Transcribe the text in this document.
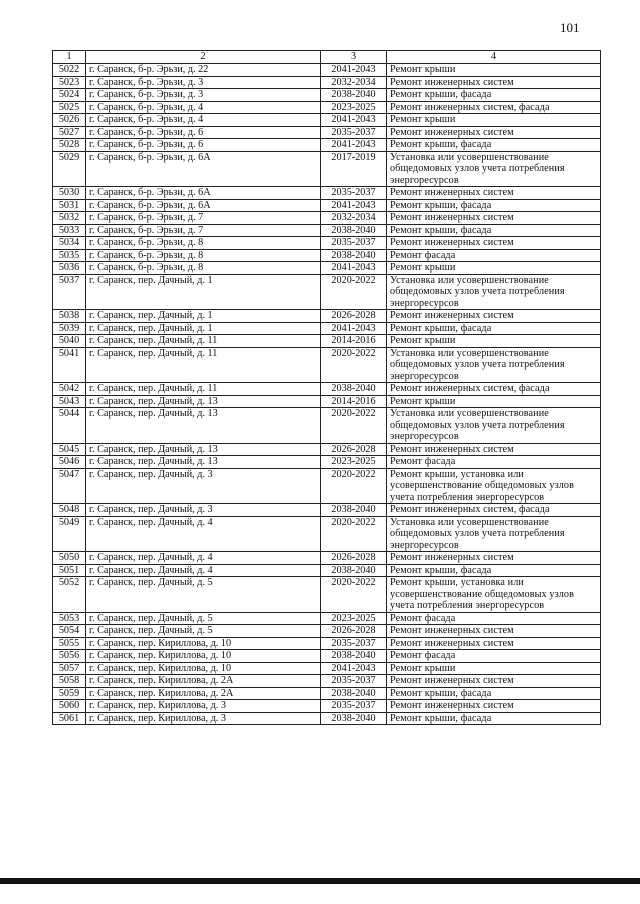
101
1	2	3	4
5022	г. Саранск, б-р. Эрьзи, д. 22	2041-2043	Ремонт крыши
5023	г. Саранск, б-р. Эрьзи, д. 3	2032-2034	Ремонт инженерных систем
5024	г. Саранск, б-р. Эрьзи, д. 3	2038-2040	Ремонт крыши, фасада
5025	г. Саранск, б-р. Эрьзи, д. 4	2023-2025	Ремонт инженерных систем, фасада
5026	г. Саранск, б-р. Эрьзи, д. 4	2041-2043	Ремонт крыши
5027	г. Саранск, б-р. Эрьзи, д. 6	2035-2037	Ремонт инженерных систем
5028	г. Саранск, б-р. Эрьзи, д. 6	2041-2043	Ремонт крыши, фасада
5029	г. Саранск, б-р. Эрьзи, д. 6А	2017-2019	Установка или усовершенствование общедомовых узлов учета потребления энергоресурсов
5030	г. Саранск, б-р. Эрьзи, д. 6А	2035-2037	Ремонт инженерных систем
5031	г. Саранск, б-р. Эрьзи, д. 6А	2041-2043	Ремонт крыши, фасада
5032	г. Саранск, б-р. Эрьзи, д. 7	2032-2034	Ремонт инженерных систем
5033	г. Саранск, б-р. Эрьзи, д. 7	2038-2040	Ремонт крыши, фасада
5034	г. Саранск, б-р. Эрьзи, д. 8	2035-2037	Ремонт инженерных систем
5035	г. Саранск, б-р. Эрьзи, д. 8	2038-2040	Ремонт фасада
5036	г. Саранск, б-р. Эрьзи, д. 8	2041-2043	Ремонт крыши
5037	г. Саранск, пер. Дачный, д. 1	2020-2022	Установка или усовершенствование общедомовых узлов учета потребления энергоресурсов
5038	г. Саранск, пер. Дачный, д. 1	2026-2028	Ремонт инженерных систем
5039	г. Саранск, пер. Дачный, д. 1	2041-2043	Ремонт крыши, фасада
5040	г. Саранск, пер. Дачный, д. 11	2014-2016	Ремонт крыши
5041	г. Саранск, пер. Дачный, д. 11	2020-2022	Установка или усовершенствование общедомовых узлов учета потребления энергоресурсов
5042	г. Саранск, пер. Дачный, д. 11	2038-2040	Ремонт инженерных систем, фасада
5043	г. Саранск, пер. Дачный, д. 13	2014-2016	Ремонт крыши
5044	г. Саранск, пер. Дачный, д. 13	2020-2022	Установка или усовершенствование общедомовых узлов учета потребления энергоресурсов
5045	г. Саранск, пер. Дачный, д. 13	2026-2028	Ремонт инженерных систем
5046	г. Саранск, пер. Дачный, д. 13	2023-2025	Ремонт фасада
5047	г. Саранск, пер. Дачный, д. 3	2020-2022	Ремонт крыши, установка или усовершенствование общедомовых узлов учета потребления энергоресурсов
5048	г. Саранск, пер. Дачный, д. 3	2038-2040	Ремонт инженерных систем, фасада
5049	г. Саранск, пер. Дачный, д. 4	2020-2022	Установка или усовершенствование общедомовых узлов учета потребления энергоресурсов
5050	г. Саранск, пер. Дачный, д. 4	2026-2028	Ремонт инженерных систем
5051	г. Саранск, пер. Дачный, д. 4	2038-2040	Ремонт крыши, фасада
5052	г. Саранск, пер. Дачный, д. 5	2020-2022	Ремонт крыши, установка или усовершенствование общедомовых узлов учета потребления энергоресурсов
5053	г. Саранск, пер. Дачный, д. 5	2023-2025	Ремонт фасада
5054	г. Саранск, пер. Дачный, д. 5	2026-2028	Ремонт инженерных систем
5055	г. Саранск, пер. Кириллова, д. 10	2035-2037	Ремонт инженерных систем
5056	г. Саранск, пер. Кириллова, д. 10	2038-2040	Ремонт фасада
5057	г. Саранск, пер. Кириллова, д. 10	2041-2043	Ремонт крыши
5058	г. Саранск, пер. Кириллова, д. 2А	2035-2037	Ремонт инженерных систем
5059	г. Саранск, пер. Кириллова, д. 2А	2038-2040	Ремонт крыши, фасада
5060	г. Саранск, пер. Кириллова, д. 3	2035-2037	Ремонт инженерных систем
5061	г. Саранск, пер. Кириллова, д. 3	2038-2040	Ремонт крыши, фасада
